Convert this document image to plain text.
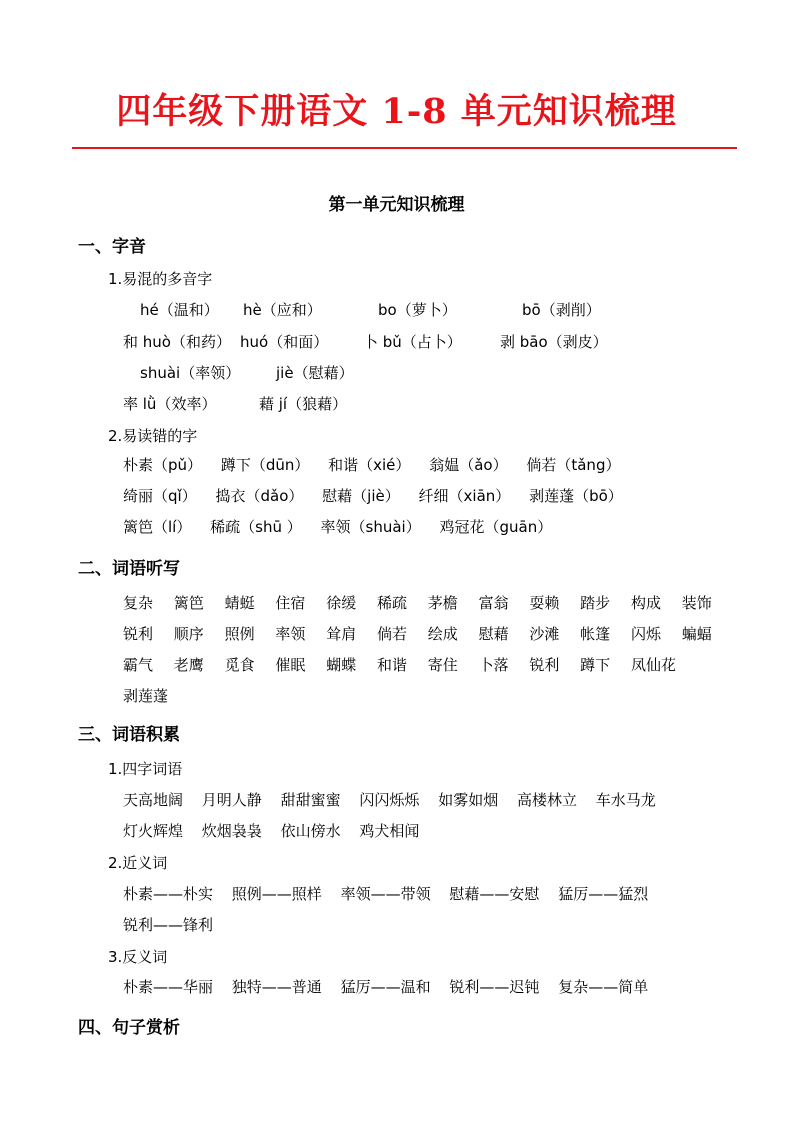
四年级下册语文 1-8 单元知识梳理
第一单元知识梳理
一、字音
1.易混的多音字
hé（温和） hè（应和）	bo（萝卜）	bō（剥削）
和 huò（和药） huó（和面） 卜 bǔ（占卜）	剥 bāo（剥皮）
shuài（率领） jiè（慰藉）
率 lǜ（效率）	藉 jí（狼藉）
2.易读错的字
朴素（pǔ） 蹲下（dūn） 和谐（xié） 翁媪（ǎo） 倘若（tǎng）
绮丽（qǐ） 捣衣（dǎo） 慰藉（jiè） 纤细（xiān） 剥莲蓬（bō）
篱笆（lí） 稀疏（shū ） 率领（shuài） 鸡冠花（guān）
二、词语听写
复杂 篱笆 蜻蜓 住宿 徐缓 稀疏 茅檐 富翁 耍赖 踏步 构成 装饰
锐利 顺序 照例 率领 耸肩 倘若 绘成 慰藉 沙滩 帐篷 闪烁 蝙蝠
霸气 老鹰 觅食 催眠 蝴蝶 和谐 寄住 卜落 锐利 蹲下 凤仙花
剥莲蓬
三、词语积累
1.四字词语
天高地阔 月明人静 甜甜蜜蜜 闪闪烁烁 如雾如烟 高楼林立 车水马龙
灯火辉煌 炊烟袅袅 依山傍水 鸡犬相闻
2.近义词
朴素——朴实 照例——照样 率领——带领 慰藉——安慰 猛厉——猛烈
锐利——锋利
3.反义词
朴素——华丽 独特——普通 猛厉——温和 锐利——迟钝 复杂——简单
四、句子赏析
